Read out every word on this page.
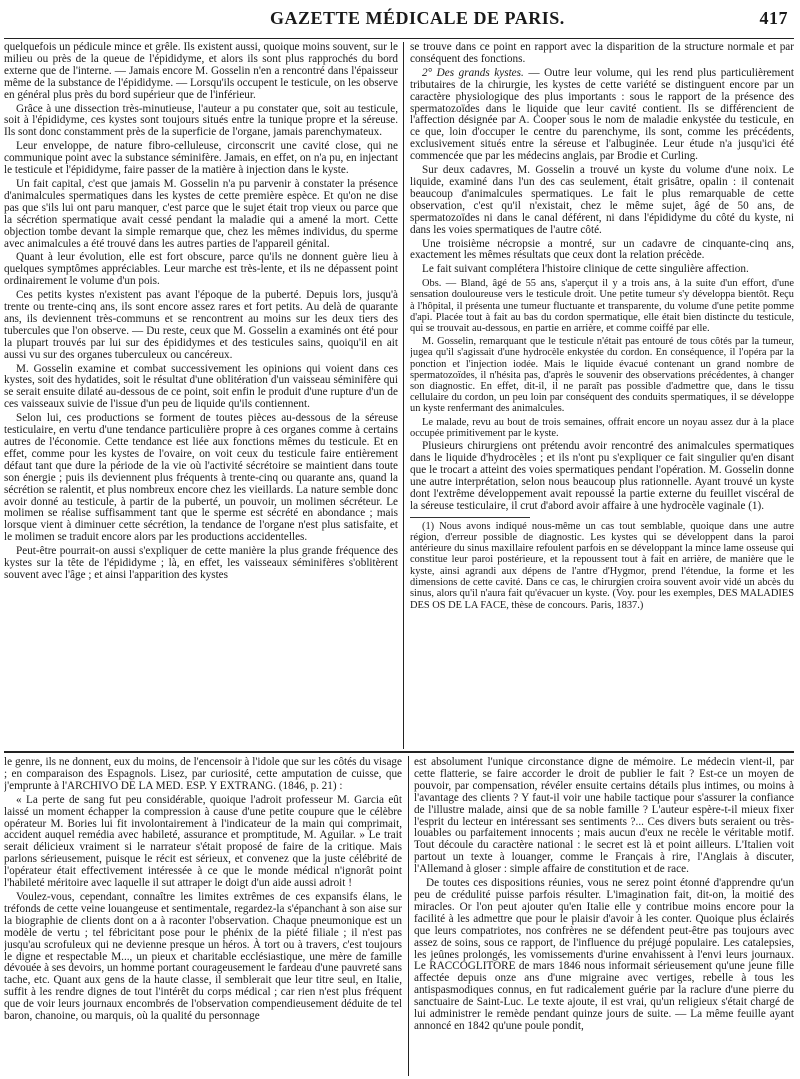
GAZETTE MÉDICALE DE PARIS.	417

quelquefois un pédicule mince et grêle. Ils existent aussi, quoique moins souvent, sur le milieu ou près de la queue de l'épididyme, et alors ils sont plus rapprochés du bord externe que de l'interne. — Jamais encore M. Gosselin n'en a rencontré dans l'épaisseur même de la substance de l'épididyme. — Lorsqu'ils occupent le testicule, on les observe en général plus près du bord supérieur que de l'inférieur.

Grâce à une dissection très-minutieuse, l'auteur a pu constater que, soit au testicule, soit à l'épididyme, ces kystes sont toujours situés entre la tunique propre et la séreuse. Ils sont donc constamment près de la superficie de l'organe, jamais parenchymateux.

Leur enveloppe, de nature fibro-celluleuse, circonscrit une cavité close, qui ne communique point avec la substance séminifère. Jamais, en effet, on n'a pu, en injectant le testicule et l'épididyme, faire passer de la matière à injection dans le kyste.

Un fait capital, c'est que jamais M. Gosselin n'a pu parvenir à constater la présence d'animalcules spermatiques dans les kystes de cette première espèce. Et qu'on ne dise pas que s'ils lui ont paru manquer, c'est parce que le sujet était trop vieux ou parce que la sécrétion spermatique avait cessé pendant la maladie qui a amené la mort. Cette objection tombe devant la simple remarque que, chez les mêmes individus, du sperme avec animalcules a été trouvé dans les autres parties de l'appareil génital.

Quant à leur évolution, elle est fort obscure, parce qu'ils ne donnent guère lieu à quelques symptômes appréciables. Leur marche est très-lente, et ils ne dépassent point ordinairement le volume d'un pois.

Ces petits kystes n'existent pas avant l'époque de la puberté. Depuis lors, jusqu'à trente ou trente-cinq ans, ils sont encore assez rares et fort petits. Au delà de quarante ans, ils deviennent très-communs et se rencontrent au moins sur les deux tiers des tubercules que l'on observe. — Du reste, ceux que M. Gosselin a examinés ont été pour la plupart trouvés par lui sur des épididymes et des testicules sains, quoiqu'il en ait aussi vu sur des organes tuberculeux ou cancéreux.

M. Gosselin examine et combat successivement les opinions qui voient dans ces kystes, soit des hydatides, soit le résultat d'une oblitération d'un vaisseau séminifère qui se serait ensuite dilaté au-dessous de ce point, soit enfin le produit d'une rupture d'un de ces vaisseaux suivie de l'issue d'un peu de liquide qu'ils contiennent.

Selon lui, ces productions se forment de toutes pièces au-dessous de la séreuse testiculaire, en vertu d'une tendance particulière propre à ces organes comme à certains autres de l'économie. Cette tendance est liée aux fonctions mêmes du testicule. Et en effet, comme pour les kystes de l'ovaire, on voit ceux du testicule faire entièrement défaut tant que dure la période de la vie où l'activité sécrétoire se maintient dans toute son énergie ; puis ils deviennent plus fréquents à trente-cinq ou quarante ans, quand la sécrétion se ralentit, et plus nombreux encore chez les vieillards. La nature semble donc avoir donné au testicule, à partir de la puberté, un pouvoir, un molimen sécréteur. Le molimen se réalise suffisamment tant que le sperme est sécrété en abondance ; mais lorsque vient à diminuer cette sécrétion, la tendance de l'organe n'est plus satisfaite, et le molimen se traduit encore alors par les productions accidentelles.

Peut-être pourrait-on aussi s'expliquer de cette manière la plus grande fréquence des kystes sur la tête de l'épididyme ; là, en effet, les vaisseaux séminifères s'oblitèrent souvent avec l'âge ; et ainsi l'apparition des kystes

se trouve dans ce point en rapport avec la disparition de la structure normale et par conséquent des fonctions.

2° Des grands kystes. — Outre leur volume, qui les rend plus particulièrement tributaires de la chirurgie, les kystes de cette variété se distinguent encore par un caractère physiologique des plus importants : sous le rapport de la présence des spermatozoïdes dans le liquide que leur cavité contient. Ils se différencient de l'affection désignée par A. Cooper sous le nom de maladie enkystée du testicule, en ce que, loin d'occuper le centre du parenchyme, ils sont, comme les précédents, exclusivement situés entre la séreuse et l'albuginée. Leur étude n'a jusqu'ici été commencée que par les médecins anglais, par Brodie et Curling.

Sur deux cadavres, M. Gosselin a trouvé un kyste du volume d'une noix. Le liquide, examiné dans l'un des cas seulement, était grisâtre, opalin : il contenait beaucoup d'animalcules spermatiques. Le fait le plus remarquable de cette observation, c'est qu'il n'existait, chez le même sujet, âgé de 50 ans, de spermatozoïdes ni dans le canal déférent, ni dans l'épididyme du côté du kyste, ni dans les voies spermatiques de l'autre côté.

Une troisième nécropsie a montré, sur un cadavre de cinquante-cinq ans, exactement les mêmes résultats que ceux dont la relation précède.

Le fait suivant complétera l'histoire clinique de cette singulière affection.

Obs. — Bland, âgé de 55 ans, s'aperçut il y a trois ans, à la suite d'un effort, d'une sensation douloureuse vers le testicule droit. Une petite tumeur s'y développa bientôt. Reçu à l'hôpital, il présenta une tumeur fluctuante et transparente, du volume d'une petite pomme d'api. Placée tout à fait au bas du cordon spermatique, elle était bien distincte du testicule, qui se trouvait au-dessous, en partie en arrière, et comme coiffé par elle.

M. Gosselin, remarquant que le testicule n'était pas entouré de tous côtés par la tumeur, jugea qu'il s'agissait d'une hydrocèle enkystée du cordon. En conséquence, il l'opéra par la ponction et l'injection iodée. Mais le liquide évacué contenant un grand nombre de spermatozoïdes, il n'hésita pas, d'après le souvenir des observations précédentes, à changer son diagnostic. En effet, dit-il, il ne paraît pas possible d'admettre que, dans le tissu cellulaire du cordon, un peu loin par conséquent des conduits spermatiques, il se développe un kyste renfermant des animalcules.

Le malade, revu au bout de trois semaines, offrait encore un noyau assez dur à la place occupée primitivement par le kyste.

Plusieurs chirurgiens ont prétendu avoir rencontré des animalcules spermatiques dans le liquide d'hydrocèles ; et ils n'ont pu s'expliquer ce fait singulier qu'en disant que le trocart a atteint des voies spermatiques pendant l'opération. M. Gosselin donne une autre interprétation, selon nous beaucoup plus rationnelle. Ayant trouvé un kyste dont l'extrême développement avait repoussé la partie externe du feuillet viscéral de la séreuse testiculaire, il crut d'abord avoir affaire à une hydrocèle vaginale (1).

(1) Nous avons indiqué nous-même un cas tout semblable, quoique dans une autre région, d'erreur possible de diagnostic. Les kystes qui se développent dans la paroi antérieure du sinus maxillaire refoulent parfois en se développant la mince lame osseuse qui constitue leur paroi postérieure, et la repoussent tout à fait en arrière, de manière que le kyste, ainsi agrandi aux dépens de l'antre d'Hygmor, prend l'étendue, la forme et les dimensions de cette cavité. Dans ce cas, le chirurgien croira souvent avoir vidé un abcès du sinus, alors qu'il n'aura fait qu'évacuer un kyste. (Voy. pour les exemples, DES MALADIES DES OS DE LA FACE, thèse de concours. Paris, 1837.)

le genre, ils ne donnent, eux du moins, de l'encensoir à l'idole que sur les côtés du visage ; en comparaison des Espagnols. Lisez, par curiosité, cette amputation de cuisse, que j'emprunte à l'ARCHIVO DE LA MED. ESP. Y EXTRANG. (1846, p. 21) :

« La perte de sang fut peu considérable, quoique l'adroit professeur M. Garcia eût laissé un moment échapper la compression à cause d'une petite coupure que le célèbre opérateur M. Bories lui fit involontairement à l'indicateur de la main qui comprimait, accident auquel remédia avec habileté, assurance et promptitude, M. Aguilar. » Le trait serait délicieux vraiment si le narrateur s'était proposé de faire de la critique. Mais parlons sérieusement, puisque le récit est sérieux, et convenez que la juste célébrité de l'opérateur était effectivement intéressée à ce que le monde médical n'ignorât point l'habileté méritoire avec laquelle il sut attraper le doigt d'un aide aussi adroit !

Voulez-vous, cependant, connaître les limites extrêmes de ces expansifs élans, le tréfonds de cette veine louangeuse et sentimentale, regardez-la s'épanchant à son aise sur la biographie de clients dont on a à raconter l'observation. Chaque pneumonique est un modèle de vertu ; tel fébricitant pose pour le phénix de la piété filiale ; il n'est pas jusqu'au scrofuleux qui ne devienne presque un héros. À tort ou à travers, c'est toujours le digne et respectable M..., un pieux et charitable ecclésiastique, une mère de famille dévouée à ses devoirs, un homme portant courageusement le fardeau d'une pauvreté sans tache, etc. Quant aux gens de la haute classe, il semblerait que leur titre seul, en Italie, suffit à les rendre dignes de tout l'intérêt du corps médical ; car rien n'est plus fréquent que de voir leurs journaux encombrés de l'observation compendieusement déduite de tel baron, chanoine, ou marquis, où la qualité du personnage

est absolument l'unique circonstance digne de mémoire. Le médecin vient-il, par cette flatterie, se faire accorder le droit de publier le fait ? Est-ce un moyen de pouvoir, par compensation, révéler ensuite certains détails plus intimes, ou moins à l'avantage des clients ? Y faut-il voir une habile tactique pour s'assurer la confiance de l'illustre malade, ainsi que de sa noble famille ? L'auteur espère-t-il mieux fixer l'esprit du lecteur en intéressant ses sentiments ?... Ces divers buts seraient ou très-louables ou parfaitement innocents ; mais aucun d'eux ne recèle le véritable motif. Tout découle du caractère national : le secret est là et point ailleurs. L'Italien voit partout un texte à louanger, comme le Français à rire, l'Anglais à discuter, l'Allemand à gloser : simple affaire de constitution et de race.

De toutes ces dispositions réunies, vous ne serez point étonné d'apprendre qu'un peu de crédulité puisse parfois résulter. L'imagination fait, dit-on, la moitié des miracles. Or l'on peut ajouter qu'en Italie elle y contribue moins encore pour la facilité à les admettre que pour le plaisir d'avoir à les conter. Quoique plus éclairés que leurs compatriotes, nos confrères ne se défendent peut-être pas toujours avec assez de soins, sous ce rapport, de l'influence du préjugé populaire. Les catalepsies, les jeûnes prolongés, les vomissements d'urine envahissent à l'envi leurs journaux. Le RACCOGLITORE de mars 1846 nous informait sérieusement qu'une jeune fille affectée depuis onze ans d'une migraine avec vertiges, rebelle à tous les antispasmodiques connus, en fut radicalement guérie par la raclure d'une pierre du sanctuaire de Saint-Luc. Le texte ajoute, il est vrai, qu'un religieux s'était chargé de lui administrer le remède pendant quinze jours de suite. — La même feuille ayant annoncé en 1842 qu'une poule pondit,
